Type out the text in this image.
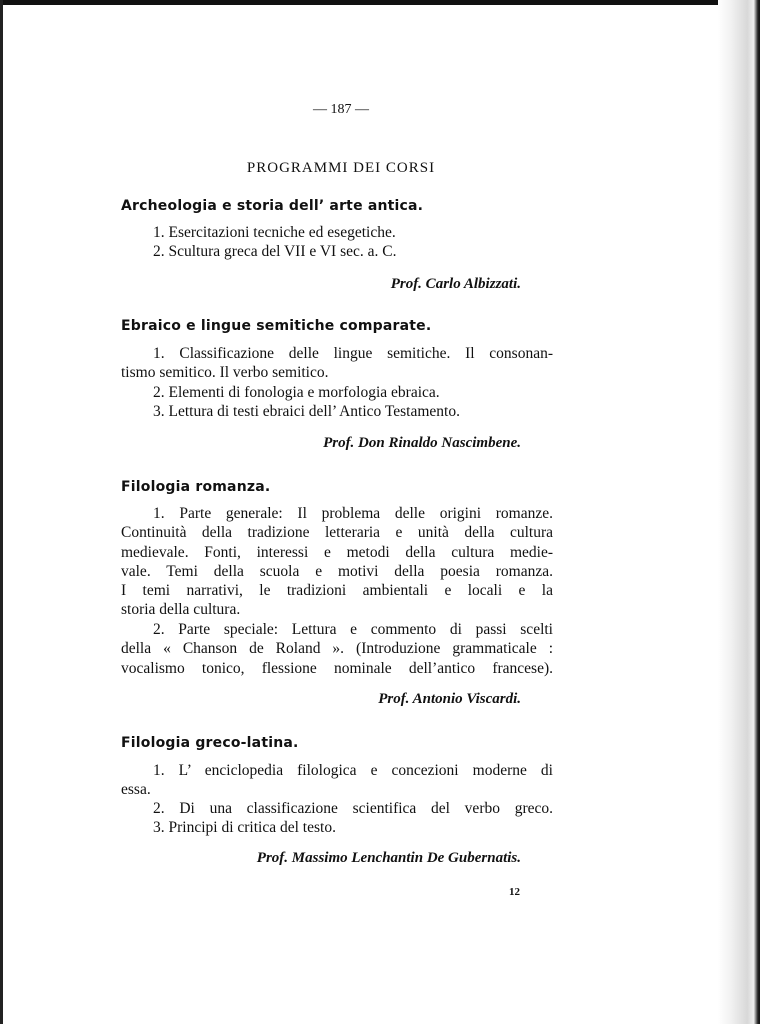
— 187 —
PROGRAMMI DEI CORSI
Archeologia e storia dell’ arte antica.
1. Esercitazioni tecniche ed esegetiche.
2. Scultura greca del VII e VI sec. a. C.
Prof. Carlo Albizzati.
Ebraico e lingue semitiche comparate.
1. Classificazione delle lingue semitiche. Il consonan-
tismo semitico. Il verbo semitico.
2. Elementi di fonologia e morfologia ebraica.
3. Lettura di testi ebraici dell’ Antico Testamento.
Prof. Don Rinaldo Nascimbene.
Filologia romanza.
1. Parte generale: Il problema delle origini romanze.
Continuità della tradizione letteraria e unità della cultura
medievale. Fonti, interessi e metodi della cultura medie-
vale. Temi della scuola e motivi della poesia romanza.
I temi narrativi, le tradizioni ambientali e locali e la
storia della cultura.
2. Parte speciale: Lettura e commento di passi scelti
della « Chanson de Roland ». (Introduzione grammaticale :
vocalismo tonico, flessione nominale dell’antico francese).
Prof. Antonio Viscardi.
Filologia greco-latina.
1. L’ enciclopedia filologica e concezioni moderne di
essa.
2. Di una classificazione scientifica del verbo greco.
3. Principi di critica del testo.
Prof. Massimo Lenchantin De Gubernatis.
12
